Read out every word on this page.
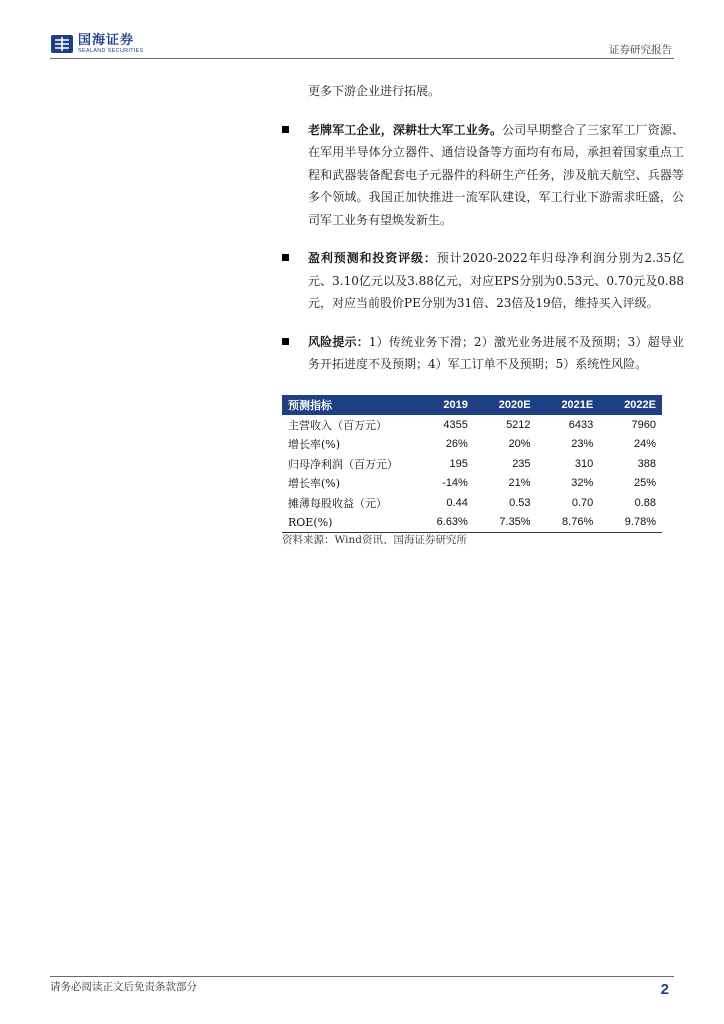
国海证券
SEALAND SECURITIES	证券研究报告
更多下游企业进行拓展。
老牌军工企业，深耕壮大军工业务。公司早期整合了三家军工厂资源、在军用半导体分立器件、通信设备等方面均有布局，承担着国家重点工程和武器装备配套电子元器件的科研生产任务，涉及航天航空、兵器等多个领域。我国正加快推进一流军队建设，军工行业下游需求旺盛，公司军工业务有望焕发新生。
盈利预测和投资评级：预计2020-2022年归母净利润分别为2.35亿元、3.10亿元以及3.88亿元，对应EPS分别为0.53元、0.70元及0.88元，对应当前股价PE分别为31倍、23倍及19倍，维持买入评级。
风险提示：1）传统业务下滑；2）激光业务进展不及预期；3）超导业务开拓进度不及预期；4）军工订单不及预期；5）系统性风险。
预测指标	2019	2020E	2021E	2022E
主营收入（百万元）	4355	5212	6433	7960
增长率(%)	26%	20%	23%	24%
归母净利润（百万元）	195	235	310	388
增长率(%)	-14%	21%	32%	25%
摊薄每股收益（元）	0.44	0.53	0.70	0.88
ROE(%)	6.63%	7.35%	8.76%	9.78%
资料来源：Wind资讯、国海证券研究所
请务必阅读正文后免责条款部分	2
